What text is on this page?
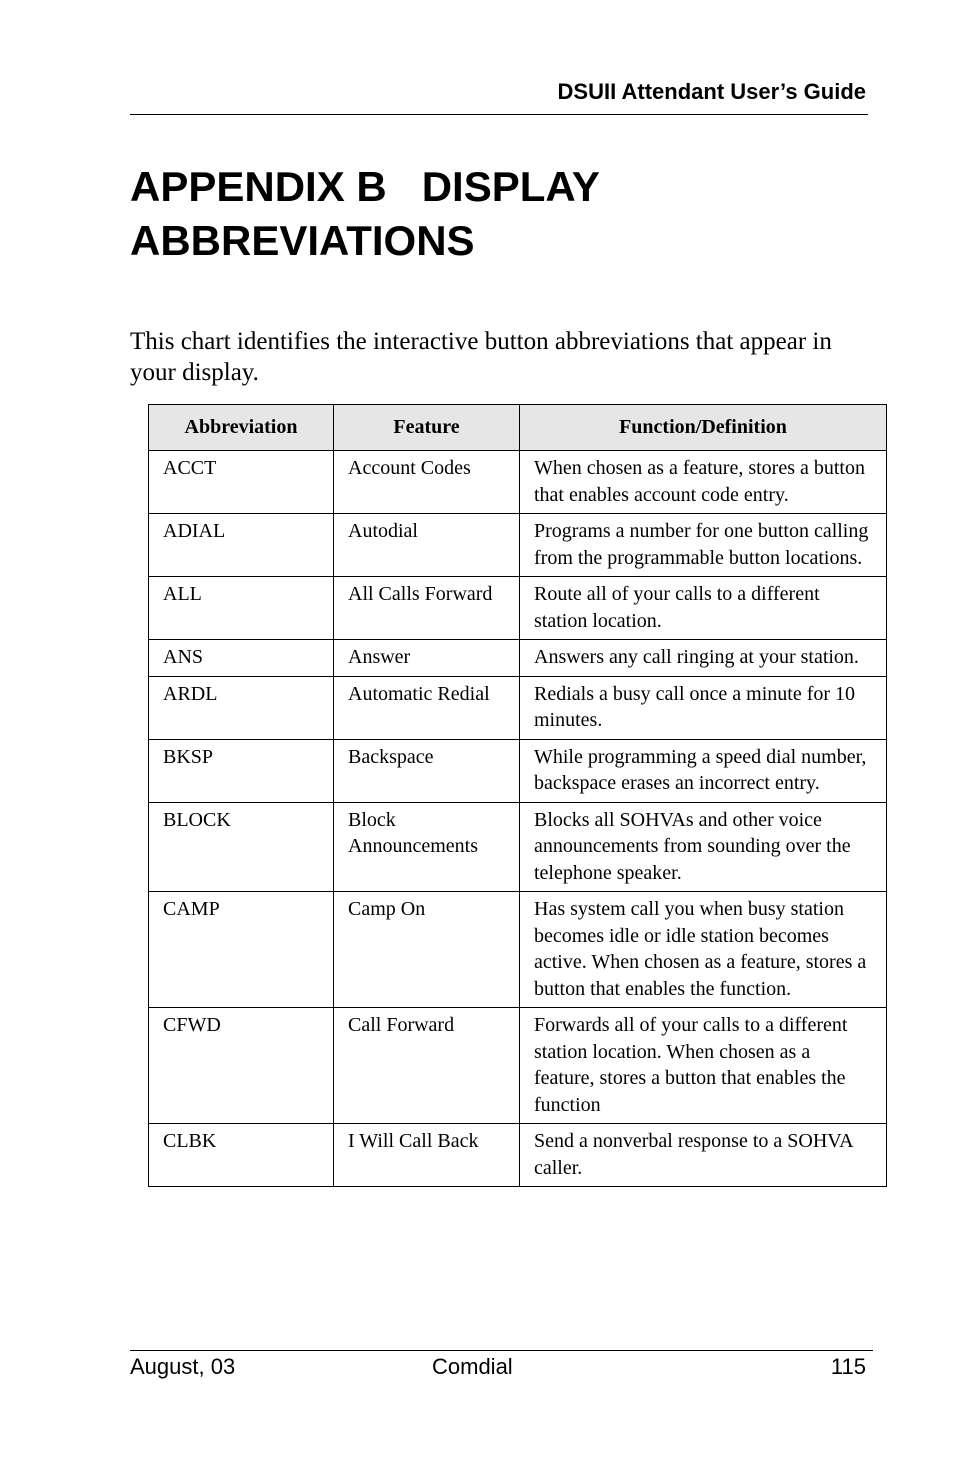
DSUII Attendant User’s Guide
APPENDIX B   DISPLAY
ABBREVIATIONS

This chart identifies the interactive button abbreviations that appear in your display.

Abbreviation	Feature	Function/Definition
ACCT	Account Codes	When chosen as a feature, stores a button that enables account code entry.
ADIAL	Autodial	Programs a number for one button calling from the programmable button locations.
ALL	All Calls Forward	Route all of your calls to a different station location.
ANS	Answer	Answers any call ringing at your station.
ARDL	Automatic Redial	Redials a busy call once a minute for 10 minutes.
BKSP	Backspace	While programming a speed dial number, backspace erases an incorrect entry.
BLOCK	Block Announcements	Blocks all SOHVAs and other voice announcements from sounding over the telephone speaker.
CAMP	Camp On	Has system call you when busy station becomes idle or idle station becomes active. When chosen as a feature, stores a button that enables the function.
CFWD	Call Forward	Forwards all of your calls to a different station location. When chosen as a feature, stores a button that enables the function
CLBK	I Will Call Back	Send a nonverbal response to a SOHVA caller.
August, 03	Comdial	115
